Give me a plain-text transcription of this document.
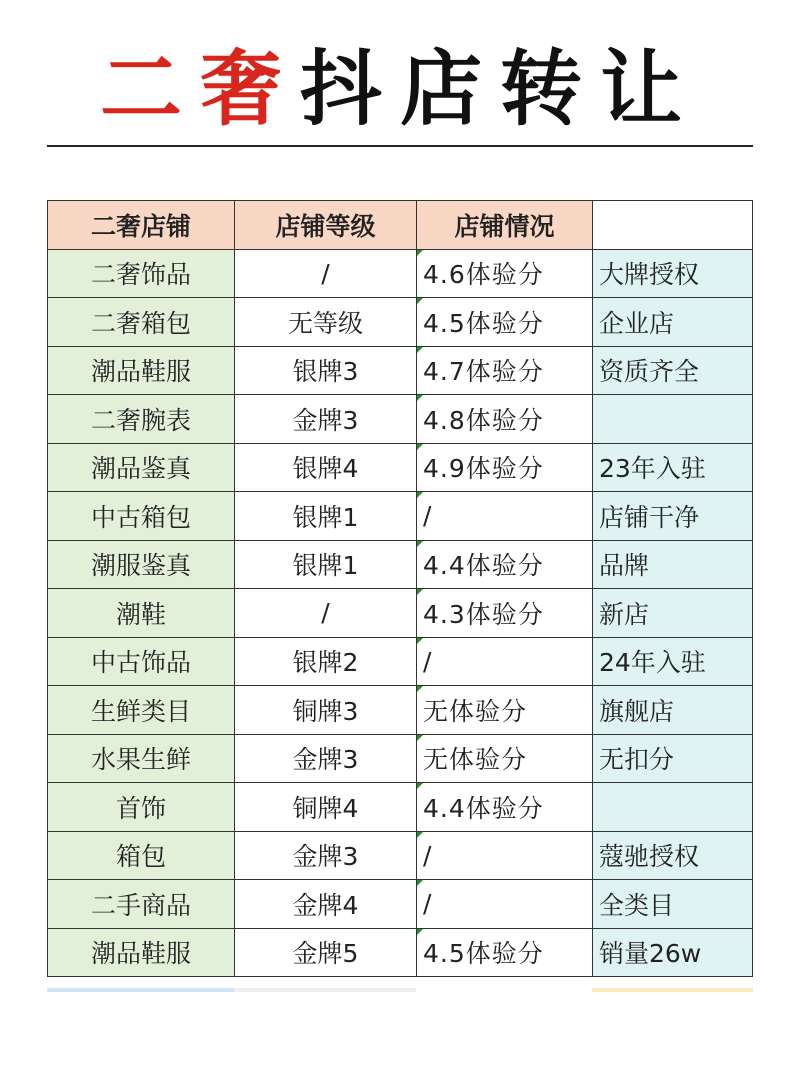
二奢抖店转让
二奢店铺	店铺等级	店铺情况	
二奢饰品	/	4.6体验分	大牌授权
二奢箱包	无等级	4.5体验分	企业店
潮品鞋服	银牌3	4.7体验分	资质齐全
二奢腕表	金牌3	4.8体验分	
潮品鉴真	银牌4	4.9体验分	23年入驻
中古箱包	银牌1	/	店铺干净
潮服鉴真	银牌1	4.4体验分	品牌
潮鞋	/	4.3体验分	新店
中古饰品	银牌2	/	24年入驻
生鲜类目	铜牌3	无体验分	旗舰店
水果生鲜	金牌3	无体验分	无扣分
首饰	铜牌4	4.4体验分	
箱包	金牌3	/	蔻驰授权
二手商品	金牌4	/	全类目
潮品鞋服	金牌5	4.5体验分	销量26w
